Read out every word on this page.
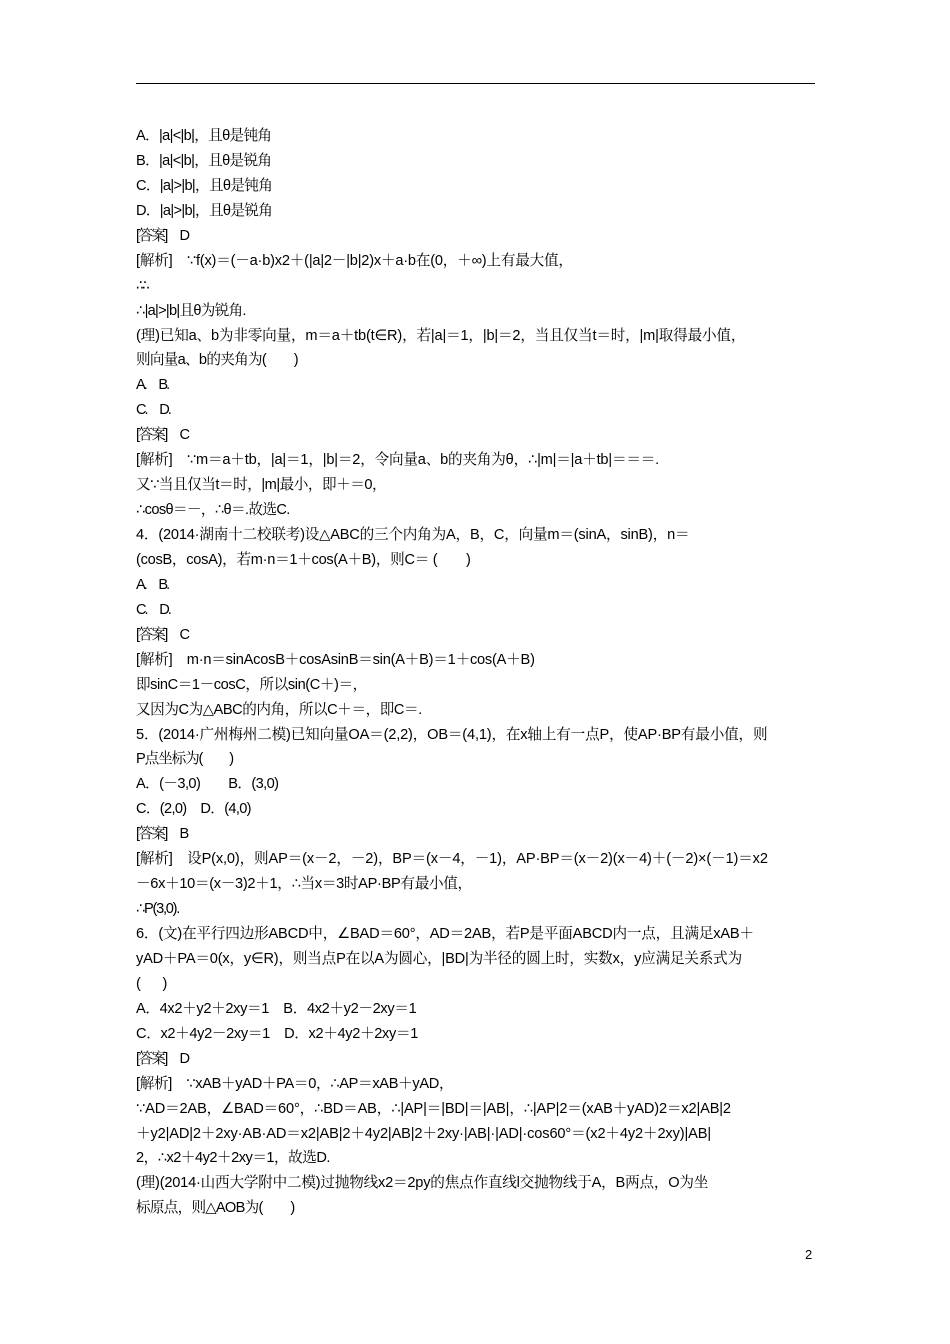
A．|a|<|b|，且θ是钝角
B．|a|<|b|，且θ是锐角
C．|a|>|b|，且θ是钝角
D．|a|>|b|，且θ是锐角
[答案]　D
[解析]　∵f(x)＝(－a·b)x2＋(|a|2－|b|2)x＋a·b在(0，＋∞)上有最大值，
∴∴
∴|a|>|b|且θ为锐角.
(理)已知a、b为非零向量，m＝a＋tb(t∈R)，若|a|＝1，|b|＝2，当且仅当t＝时，|m|取得最小值，
则向量a、b的夹角为(　　)
A.　B.
C.　D.
[答案]　C
[解析]　∵m＝a＋tb，|a|＝1，|b|＝2，令向量a、b的夹角为θ，∴|m|＝|a＋tb|＝＝＝.
又∵当且仅当t＝时，|m|最小，即＋＝0，
∴cosθ＝－，∴θ＝.故选C.
4．(2014·湖南十二校联考)设△ABC的三个内角为A，B，C，向量m＝(sinA，sinB)，n＝
(cosB，cosA)，若m·n＝1＋cos(A＋B)，则C＝ (　　)
A.　B.
C.　D.
[答案]　C
[解析]　m·n＝sinAcosB＋cosAsinB＝sin(A＋B)＝1＋cos(A＋B)
即sinC＝1－cosC，所以sin(C＋)＝，
又因为C为△ABC的内角，所以C＋＝，即C＝.
5．(2014·广州梅州二模)已知向量OA＝(2,2)，OB＝(4,1)，在x轴上有一点P，使AP·BP有最小值，则
P点坐标为(　　)
A．(－3,0)　　B．(3,0)
C．(2,0)　D．(4,0)
[答案]　B
[解析]　设P(x,0)，则AP＝(x－2，－2)，BP＝(x－4，－1)，AP·BP＝(x－2)(x－4)＋(－2)×(－1)＝x2
－6x＋10＝(x－3)2＋1，∴当x＝3时AP·BP有最小值，
∴P(3,0).
6．(文)在平行四边形ABCD中，∠BAD＝60°，AD＝2AB，若P是平面ABCD内一点，且满足xAB＋
yAD＋PA＝0(x，y∈R)，则当点P在以A为圆心，|BD|为半径的圆上时，实数x，y应满足关系式为
(　　)
A．4x2＋y2＋2xy＝1　B．4x2＋y2－2xy＝1
C．x2＋4y2－2xy＝1　D．x2＋4y2＋2xy＝1
[答案]　D
[解析]　∵xAB＋yAD＋PA＝0，∴AP＝xAB＋yAD，
∵AD＝2AB，∠BAD＝60°，∴BD＝AB，∴|AP|＝|BD|＝|AB|，∴|AP|2＝(xAB＋yAD)2＝x2|AB|2
＋y2|AD|2＋2xy·AB·AD＝x2|AB|2＋4y2|AB|2＋2xy·|AB|·|AD|·cos60°＝(x2＋4y2＋2xy)|AB|
2，∴x2＋4y2＋2xy＝1，故选D.
(理)(2014·山西大学附中二模)过抛物线x2＝2py的焦点作直线l交抛物线于A，B两点，O为坐
标原点，则△AOB为(　　)
2
